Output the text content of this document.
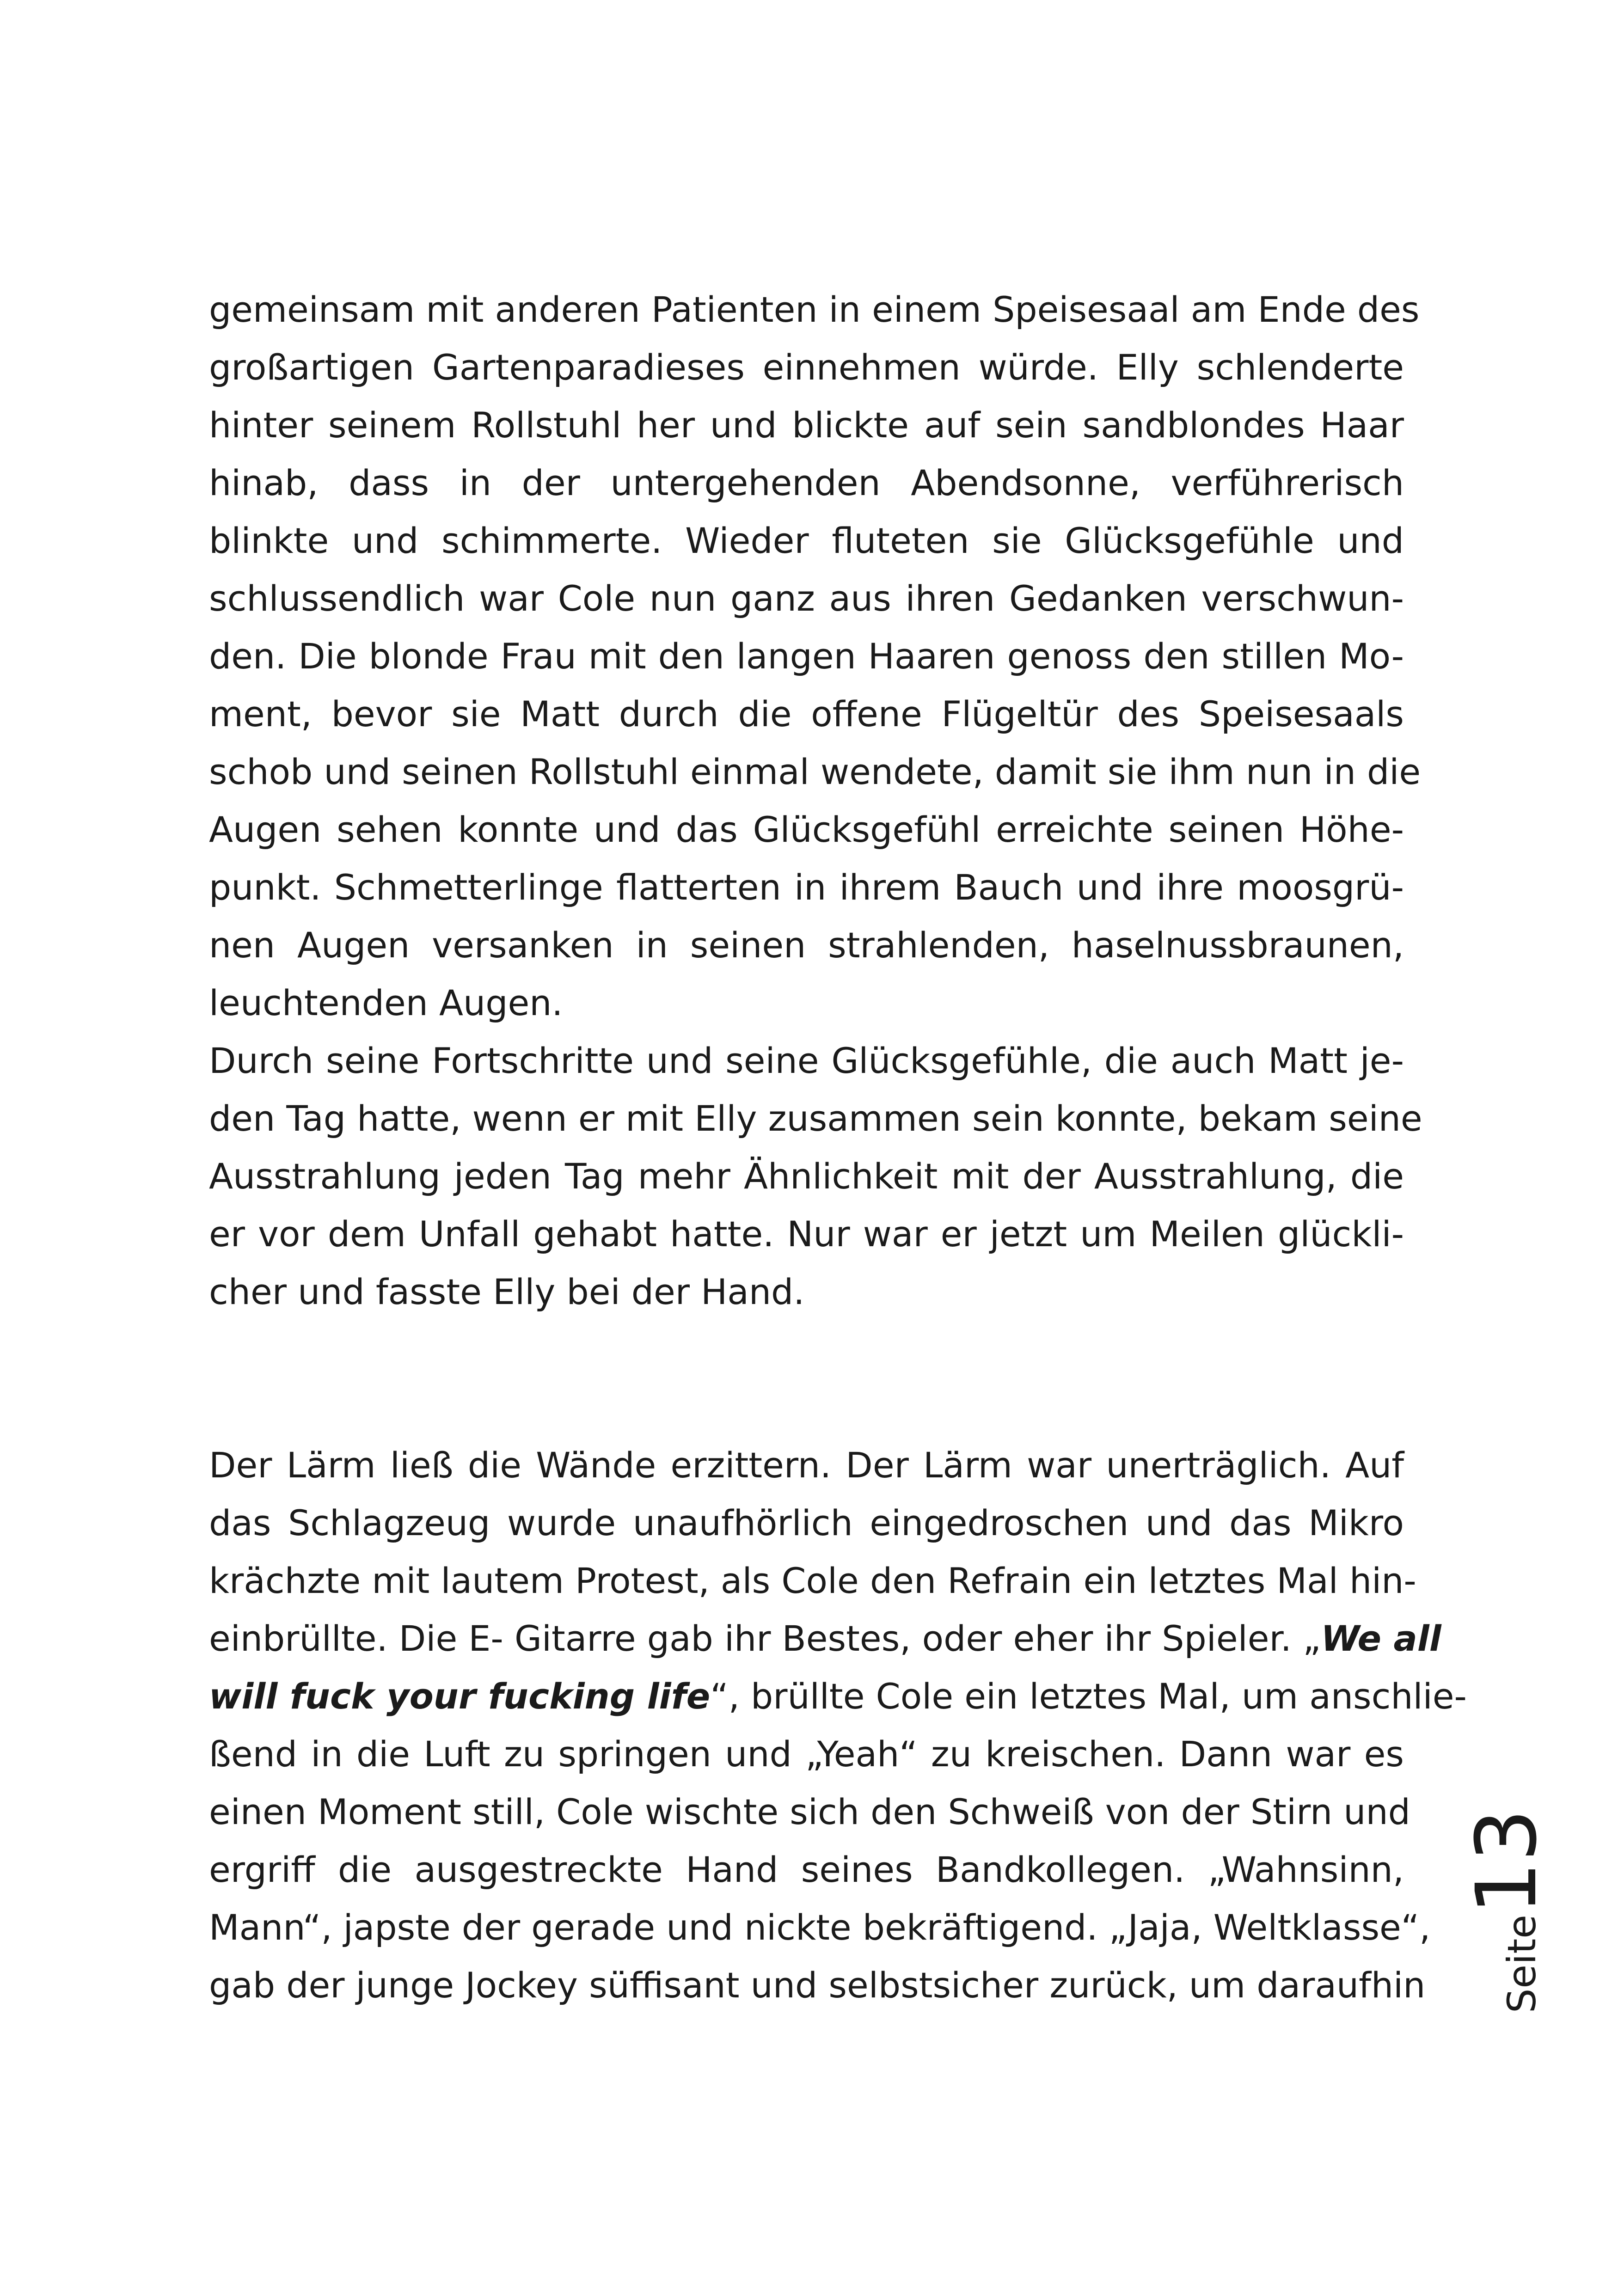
gemeinsam mit anderen Patienten in einem Speisesaal am Ende des
großartigen Gartenparadieses einnehmen würde. Elly schlenderte
hinter seinem Rollstuhl her und blickte auf sein sandblondes Haar
hinab, dass in der untergehenden Abendsonne, verführerisch
blinkte und schimmerte. Wieder fluteten sie Glücksgefühle und
schlussendlich war Cole nun ganz aus ihren Gedanken verschwun-
den. Die blonde Frau mit den langen Haaren genoss den stillen Mo-
ment, bevor sie Matt durch die offene Flügeltür des Speisesaals
schob und seinen Rollstuhl einmal wendete, damit sie ihm nun in die
Augen sehen konnte und das Glücksgefühl erreichte seinen Höhe-
punkt. Schmetterlinge flatterten in ihrem Bauch und ihre moosgrü-
nen Augen versanken in seinen strahlenden, haselnussbraunen,
leuchtenden Augen.
Durch seine Fortschritte und seine Glücksgefühle, die auch Matt je-
den Tag hatte, wenn er mit Elly zusammen sein konnte, bekam seine
Ausstrahlung jeden Tag mehr Ähnlichkeit mit der Ausstrahlung, die
er vor dem Unfall gehabt hatte. Nur war er jetzt um Meilen glückli-
cher und fasste Elly bei der Hand.
Der Lärm ließ die Wände erzittern. Der Lärm war unerträglich. Auf
das Schlagzeug wurde unaufhörlich eingedroschen und das Mikro
krächzte mit lautem Protest, als Cole den Refrain ein letztes Mal hin-
einbrüllte. Die E- Gitarre gab ihr Bestes, oder eher ihr Spieler. „ We all
will fuck your fucking life “, brüllte Cole ein letztes Mal, um anschlie-
ßend in die Luft zu springen und „Yeah“ zu kreischen. Dann war es
einen Moment still, Cole wischte sich den Schweiß von der Stirn und
ergriff die ausgestreckte Hand seines Bandkollegen. „Wahnsinn,
Mann“, japste der gerade und nickte bekräftigend. „Jaja, Weltklasse“,
gab der junge Jockey süffisant und selbstsicher zurück, um daraufhin	Seite13
